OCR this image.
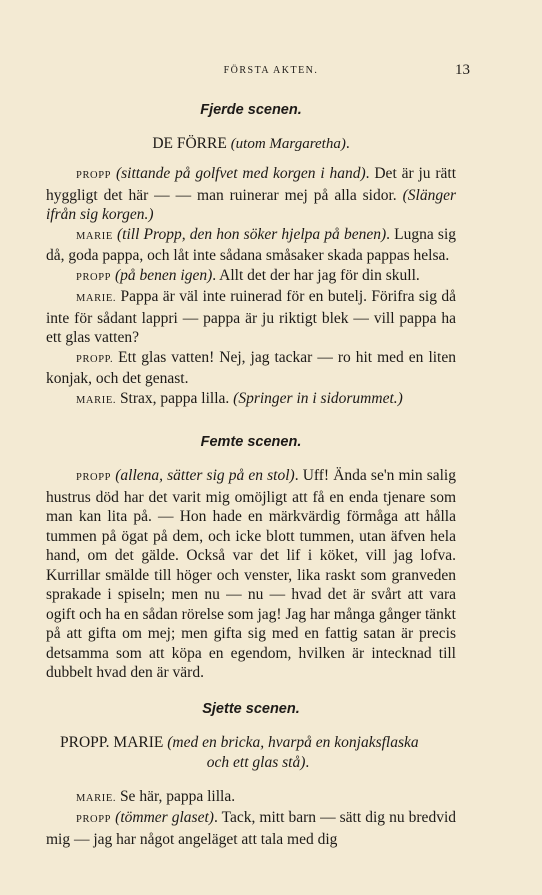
FÖRSTA AKTEN.	13
Fjerde scenen.

DE FÖRRE (utom Margaretha).

PROPP (sittande på golfvet med korgen i hand). Det är ju rätt hyggligt det här — — man ruinerar mej på alla sidor. (Slänger ifrån sig korgen.)

MARIE (till Propp, den hon söker hjelpa på benen). Lugna sig då, goda pappa, och låt inte sådana småsaker skada pappas helsa.

PROPP (på benen igen). Allt det der har jag för din skull.

MARIE. Pappa är väl inte ruinerad för en butelj. Förifra sig då inte för sådant lappri — pappa är ju riktigt blek — vill pappa ha ett glas vatten?

PROPP. Ett glas vatten! Nej, jag tackar — ro hit med en liten konjak, och det genast.

MARIE. Strax, pappa lilla. (Springer in i sidorummet.)

Femte scenen.

PROPP (allena, sätter sig på en stol). Uff! Ända se'n min salig hustrus död har det varit mig omöjligt att få en enda tjenare som man kan lita på. — Hon hade en märkvärdig förmåga att hålla tummen på ögat på dem, och icke blott tummen, utan äfven hela hand, om det gälde. Också var det lif i köket, vill jag lofva. Kurrillar smälde till höger och venster, lika raskt som granveden sprakade i spiseln; men nu — nu — hvad det är svårt att vara ogift och ha en sådan rörelse som jag! Jag har många gånger tänkt på att gifta om mej; men gifta sig med en fattig satan är precis detsamma som att köpa en egendom, hvilken är intecknad till dubbelt hvad den är värd.

Sjette scenen.

PROPP. MARIE (med en bricka, hvarpå en konjaksflaska
och ett glas stå).

MARIE. Se här, pappa lilla.

PROPP (tömmer glaset). Tack, mitt barn — sätt dig nu bredvid mig — jag har något angeläget att tala med dig
